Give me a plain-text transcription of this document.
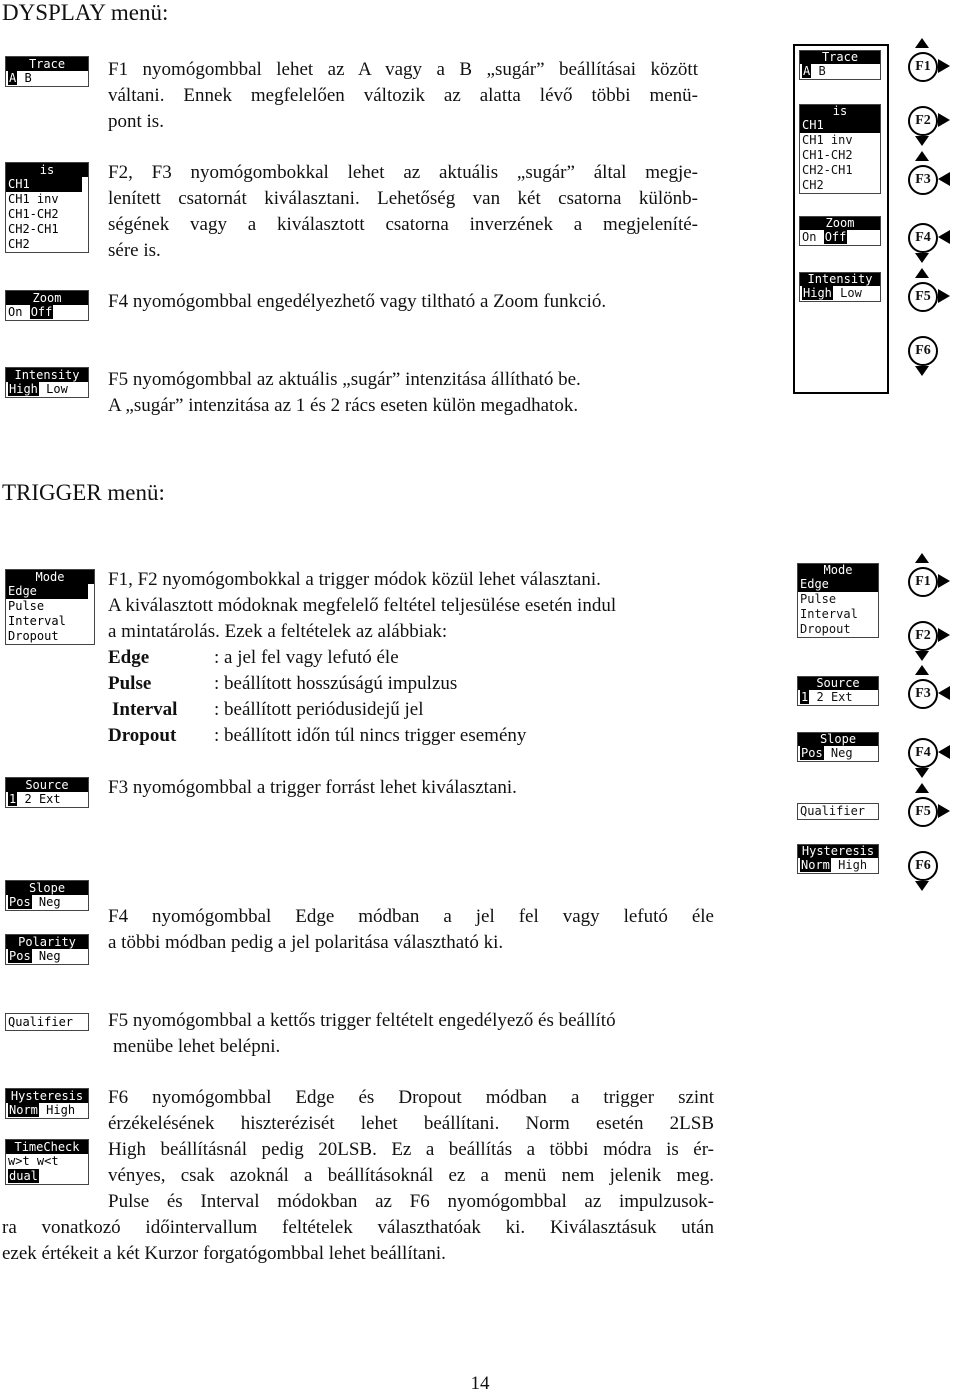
DYSPLAY menü:
Trace
A B
is
CH1
CH1 inv
CH1-CH2
CH2-CH1
CH2
Zoom
On Off
Intensity
High Low
F1 nyomógombbal lehet az A vagy a B „sugár” beállításai között
váltani. Ennek megfelelően változik az alatta lévő többi menü-
pont is.
F2, F3 nyomógombokkal lehet az aktuális „sugár” által megje-
lenített csatornát kiválasztani. Lehetőség van két csatorna különb-
ségének vagy a kiválasztott csatorna inverzének a megjeleníté-
sére is.
F4 nyomógombbal engedélyezhető vagy tiltható a Zoom funkció.
F5 nyomógombbal az aktuális „sugár” intenzitása állítható be.
A „sugár” intenzitása az 1 és 2 rács eseten külön megadhatok.
Trace
A B
is
CH1
CH1 inv
CH1-CH2
CH2-CH1
CH2
Zoom
On Off
Intensity
High Low
F1
F2
F3
F4
F5
F6
TRIGGER menü:
Mode
Edge
Pulse
Interval
Dropout
Source
1 2 Ext
Slope
Pos Neg
Polarity
Pos Neg
Qualifier
Hysteresis
Norm High
TimeCheck
w>t w<t
dual
F1, F2 nyomógombokkal a trigger módok közül lehet választani.
A kiválasztott módoknak megfelelő feltétel teljesülése esetén indul
a mintatárolás. Ezek a feltételek az alábbiak:
Edge	: a jel fel vagy lefutó éle
Pulse	: beállított hosszúságú impulzus
Interval : beállított periódusidejű jel
Dropout : beállított időn túl nincs trigger esemény
F3 nyomógombbal a trigger forrást lehet kiválasztani.
F4 nyomógombbal Edge módban a jel fel vagy lefutó éle
a többi módban pedig a jel polaritása választható ki.
F5 nyomógombbal a kettős trigger feltételt engedélyező és beállító
menübe lehet belépni.
F6 nyomógombbal Edge és Dropout módban a trigger szint
érzékelésének hiszterézisét lehet beállítani. Norm esetén 2LSB
High beállításnál pedig 20LSB. Ez a beállítás a többi módra is ér-
vényes, csak azoknál a beállításoknál ez a menü nem jelenik meg.
Pulse és Interval módokban az F6 nyomógombbal az impulzusok-
ra vonatkozó időintervallum feltételek választhatóak ki. Kiválasztásuk után
ezek értékeit a két Kurzor forgatógombbal lehet beállítani.
Mode
Edge
Pulse
Interval
Dropout
Source
1 2 Ext
Slope
Pos Neg
Qualifier
Hysteresis
Norm High
F1
F2
F3
F4
F5
F6
14
